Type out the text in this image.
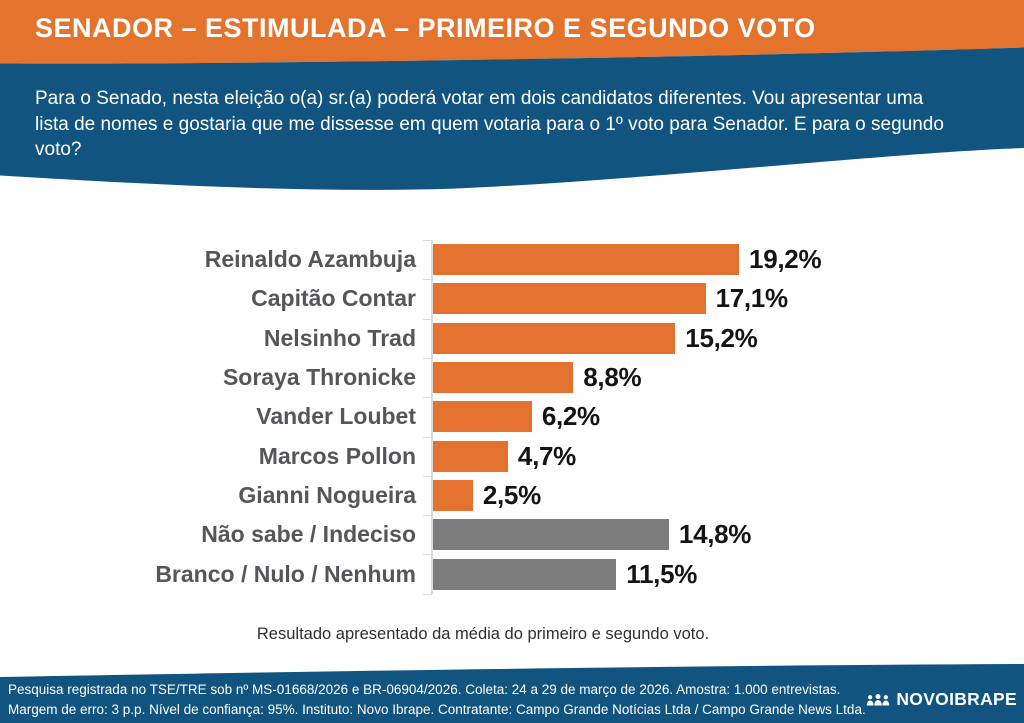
SENADOR – ESTIMULADA – PRIMEIRO E SEGUNDO VOTO
Para o Senado, nesta eleição o(a) sr.(a) poderá votar em dois candidatos diferentes. Vou apresentar uma lista de nomes e gostaria que me dissesse em quem votaria para o 1º voto para Senador. E para o segundo voto?
Reinaldo Azambuja	19,2%
Capitão Contar	17,1%
Nelsinho Trad	15,2%
Soraya Thronicke	8,8%
Vander Loubet	6,2%
Marcos Pollon	4,7%
Gianni Nogueira	2,5%
Não sabe / Indeciso	14,8%
Branco / Nulo / Nenhum	11,5%
Resultado apresentado da média do primeiro e segundo voto.
Pesquisa registrada no TSE/TRE sob nº MS-01668/2026 e BR-06904/2026. Coleta: 24 a 29 de março de 2026. Amostra: 1.000 entrevistas.
Margem de erro: 3 p.p. Nível de confiança: 95%. Instituto: Novo Ibrape. Contratante: Campo Grande Notícias Ltda / Campo Grande News Ltda.
NOVOIBRAPE
